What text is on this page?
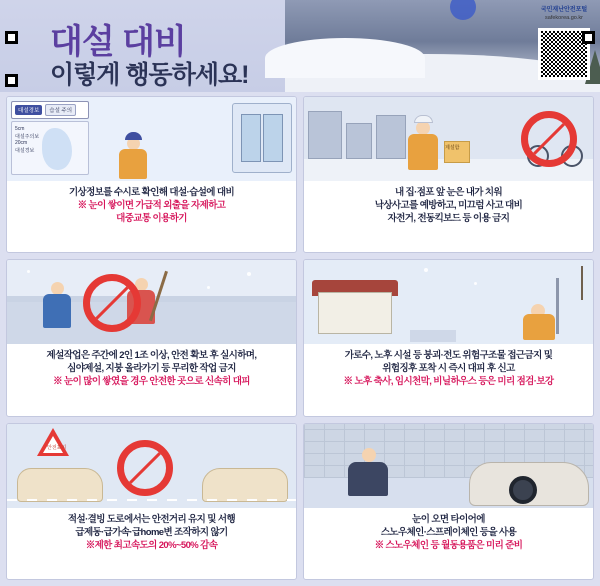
대설 대비
이렇게 행동하세요!
국민재난안전포털
safekorea.go.kr
대설경보	습설 주의
5cm
대설주의보
20cm
대설경보
기상정보를 수시로 확인해 대설·습설에 대비
※ 눈이 쌓이면 가급적 외출을 자제하고
대중교통 이용하기
제설함
내 집·점포 앞 눈은 내가 치워
낙상사고를 예방하고, 미끄럼 사고 대비
자전거, 전동킥보드 등 이용 금지
제설작업은 주간에 2인 1조 이상, 안전 확보 후 실시하며,
심야제설, 지붕 올라가기 등 무리한 작업 금지
※ 눈이 많이 쌓였을 경우 안전한 곳으로 신속히 대피
가로수, 노후 시설 등 붕괴·전도 위험구조물 접근금지 및
위험징후 포착 시 즉시 대피 후 신고
※ 노후 축사, 임시천막, 비닐하우스 등은 미리 점검·보강
안전표지
적설·결빙 도로에서는 안전거리 유지 및 서행
급제동·급가속·급home변 조작하지 않기
※제한 최고속도의 20%~50% 감속
눈이 오면 타이어에
스노우체인·스프레이체인 등을 사용
※ 스노우체인 등 월동용품은 미리 준비
